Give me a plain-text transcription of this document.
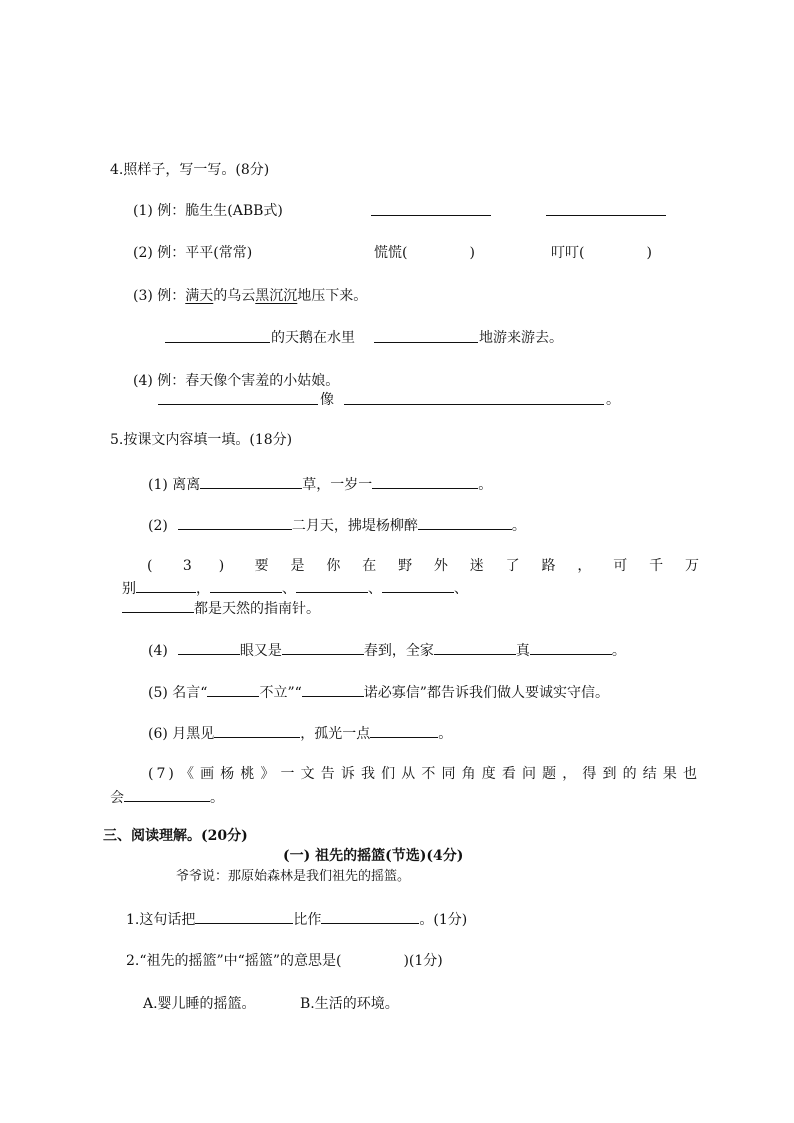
4.照样子，写一写。(8分)
(1) 例：脆生生(ABB式)
(2) 例：平平(常常)	慌慌(	)	叮叮(	)
(3) 例：满天的乌云黑沉沉地压下来。
的天鹅在水里	地游来游去。
(4) 例：春天像个害羞的小姑娘。
像	。
5.按课文内容填一填。(18分)
(1) 离离	草，一岁一	。
(2)	二月天，拂堤杨柳醉	。
( 3 ) 要 是 你 在 野 外 迷 了 路 ， 可 千 万
别	，	、	、	、
都是天然的指南针。
(4)	眼又是	春到，全家	真	。
(5) 名言“	不立”“	诺必寡信”都告诉我们做人要诚实守信。
(6) 月黑见	，孤光一点	。
(7)《画杨桃》一文告诉我们从不同角度看问题，得到的结果也
会	。
三、阅读理解。(20分)
(一) 祖先的摇篮(节选)(4分)
爷爷说：那原始森林是我们祖先的摇篮。
1.这句话把	比作	。(1分)
2.“祖先的摇篮”中“摇篮”的意思是(	)(1分)
A.婴儿睡的摇篮。	B.生活的环境。
